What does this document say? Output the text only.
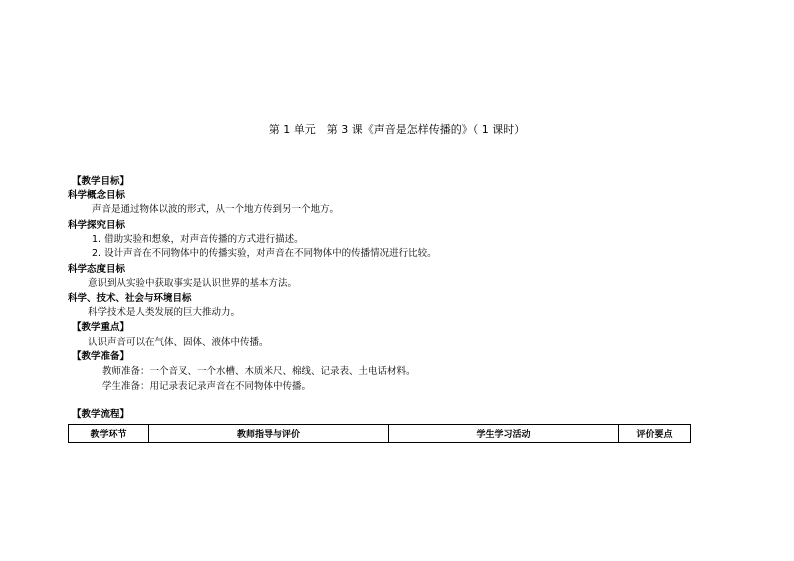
第 1 单元　第 3 课《声音是怎样传播的》（ 1 课时）
【教学目标】
科学概念目标
声音是通过物体以波的形式，从一个地方传到另一个地方。
科学探究目标
1. 借助实验和想象，对声音传播的方式进行描述。
2. 设计声音在不同物体中的传播实验，对声音在不同物体中的传播情况进行比较。
科学态度目标
意识到从实验中获取事实是认识世界的基本方法。
科学、技术、社会与环境目标
科学技术是人类发展的巨大推动力。
【教学重点】
认识声音可以在气体、固体、液体中传播。
【教学准备】
教师准备：一个音叉、一个水槽、木质米尺、棉线、记录表、土电话材料。
学生准备：用记录表记录声音在不同物体中传播。
【教学流程】
教学环节	教师指导与评价	学生学习活动	评价要点
